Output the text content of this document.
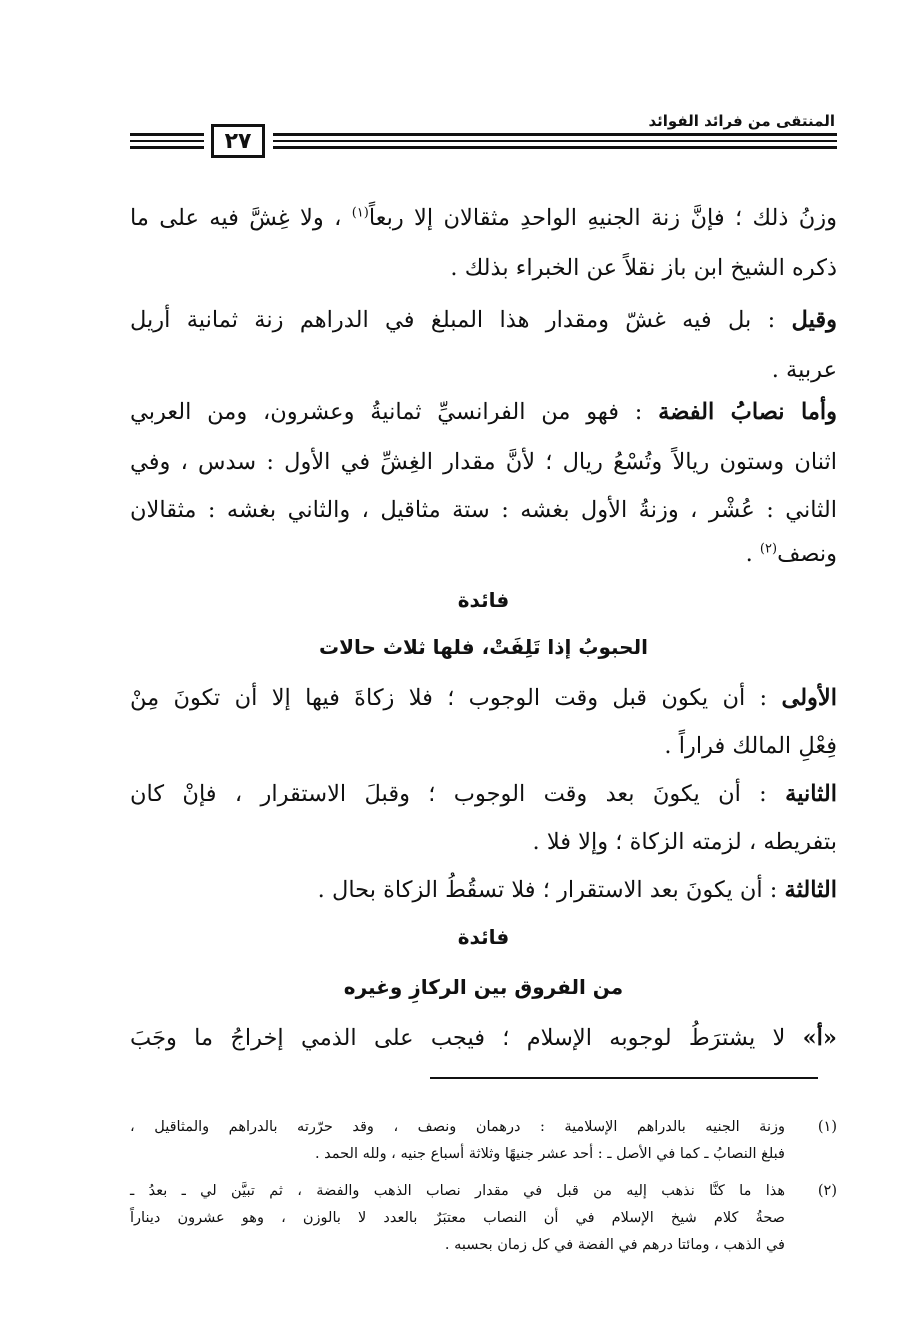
المنتقى من فرائد الفوائد
٢٧
وزنُ ذلك ؛ فإنَّ زنة الجنيهِ الواحدِ مثقالان إلا ربعاً$^{(١)}$ ، ولا غِشَّ فيه على ما
ذكره الشيخ ابن باز نقلاً عن الخبراء بذلك .
وقيل : بل فيه غشّ ومقدار هذا المبلغ في الدراهم زنة ثمانية أريل
عربية .
وأما نصابُ الفضة : فهو من الفرانسيِّ ثمانيةُ وعشرون، ومن العربي
اثنان وستون ريالاً وتُسْعُ ريال ؛ لأنَّ مقدار الغِشِّ في الأول : سدس ، وفي
الثاني : عُشْر ، وزنةُ الأول بغشه : ستة مثاقيل ، والثاني بغشه : مثقالان
ونصف$^{(٢)}$ .
فائدة
الحبوبُ إذا تَلِفَتْ، فلها ثلاث حالات
الأولى : أن يكون قبل وقت الوجوب ؛ فلا زكاةَ فيها إلا أن تكونَ مِنْ
فِعْلِ المالك فراراً .
الثانية : أن يكونَ بعد وقت الوجوب ؛ وقبلَ الاستقرار ، فإنْ كان
بتفريطه ، لزمته الزكاة ؛ وإلا فلا .
الثالثة : أن يكونَ بعد الاستقرار ؛ فلا تسقُطُ الزكاة بحال .
فائدة
من الفروق بين الركازِ وغيره
«أ» لا يشترَطُ لوجوبه الإسلام ؛ فيجب على الذمي إخراجُ ما وجَبَ
(١)
وزنة الجنيه بالدراهم الإسلامية : درهمان ونصف ، وقد حرّرته بالدراهم والمثاقيل ،
فبلغ النصابُ ـ كما في الأصل ـ : أحد عشر جنيهًا وثلاثة أسباع جنيه ، ولله الحمد .
(٢)
هذا ما كنَّا نذهب إليه من قبل في مقدار نصاب الذهب والفضة ، ثم تبيَّن لي ـ بعدُ ـ
صحةُ كلام شيخ الإسلام في أن النصاب معتبَرٌ بالعدد لا بالوزن ، وهو عشرون ديناراً
في الذهب ، ومائتا درهم في الفضة في كل زمان بحسبه .
